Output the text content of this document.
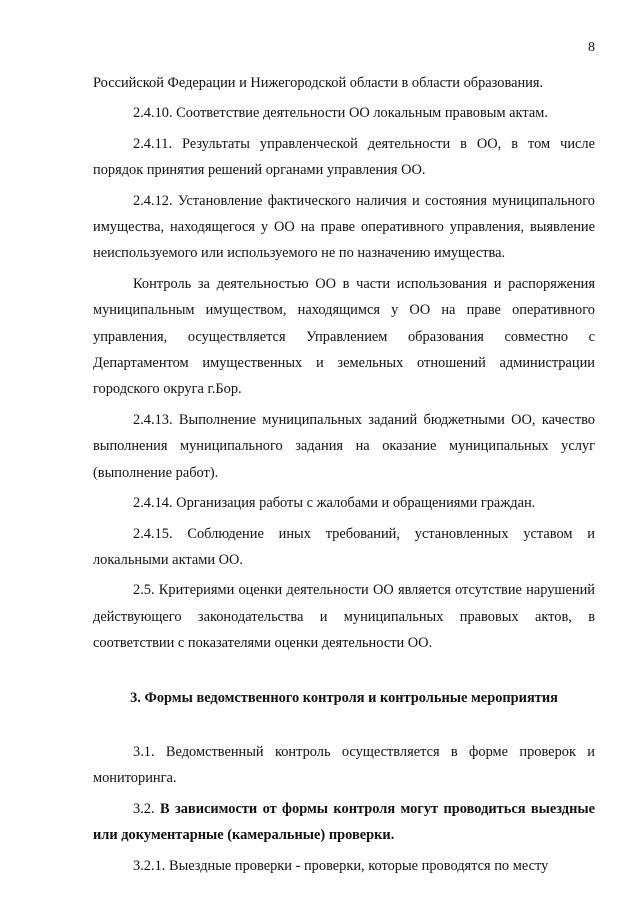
8

Российской Федерации и Нижегородской области в области образования.

2.4.10. Соответствие деятельности ОО локальным правовым актам.

2.4.11. Результаты управленческой деятельности в ОО, в том числе порядок принятия решений органами управления ОО.

2.4.12. Установление фактического наличия и состояния муниципального имущества, находящегося у ОО на праве оперативного управления, выявление неиспользуемого или используемого не по назначению имущества.

Контроль за деятельностью ОО в части использования и распоряжения муниципальным имуществом, находящимся у ОО на праве оперативного управления, осуществляется Управлением образования совместно с Департаментом имущественных и земельных отношений администрации городского округа г.Бор.

2.4.13. Выполнение муниципальных заданий бюджетными ОО, качество выполнения муниципального задания на оказание муниципальных услуг (выполнение работ).

2.4.14. Организация работы с жалобами и обращениями граждан.

2.4.15. Соблюдение иных требований, установленных уставом и локальными актами ОО.

2.5. Критериями оценки деятельности ОО является отсутствие нарушений действующего законодательства и муниципальных правовых актов, в соответствии с показателями оценки деятельности ОО.

3. Формы ведомственного контроля и контрольные мероприятия

3.1. Ведомственный контроль осуществляется в форме проверок и мониторинга.

3.2. В зависимости от формы контроля могут проводиться выездные или документарные (камеральные) проверки.

3.2.1. Выездные проверки - проверки, которые проводятся по месту
